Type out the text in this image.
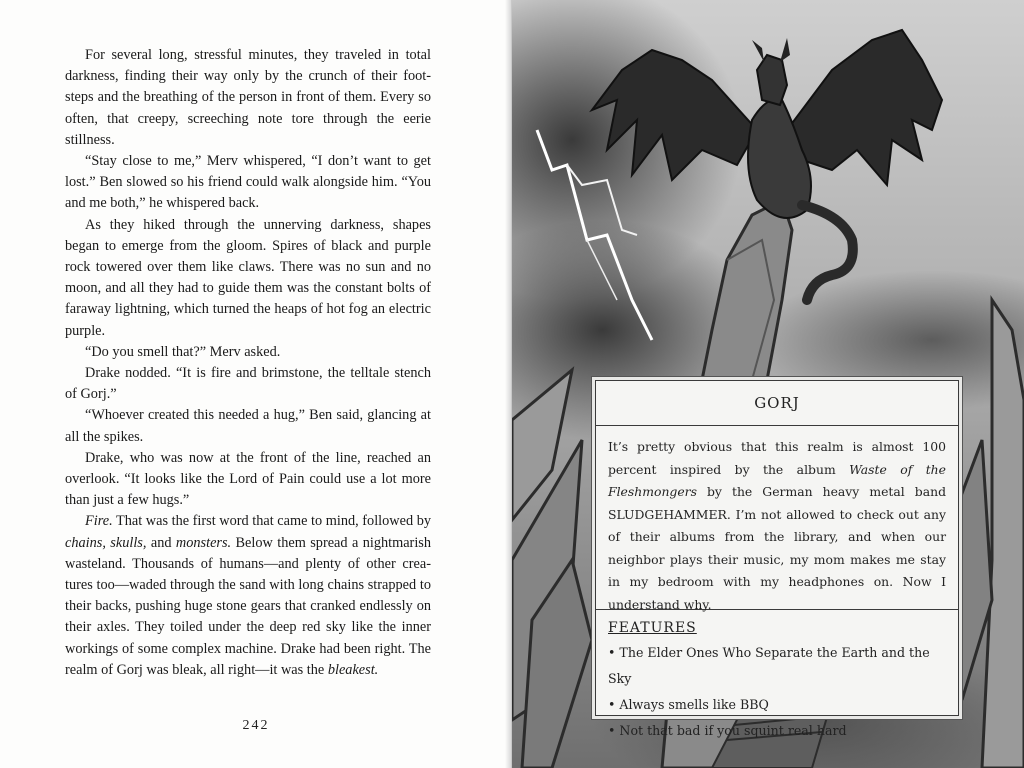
For several long, stressful minutes, they traveled in total darkness, finding their way only by the crunch of their footsteps and the breathing of the person in front of them. Every so often, that creepy, screeching note tore through the eerie stillness.

“Stay close to me,” Merv whispered, “I don’t want to get lost.” Ben slowed so his friend could walk alongside him. “You and me both,” he whispered back.

As they hiked through the unnerving darkness, shapes began to emerge from the gloom. Spires of black and purple rock towered over them like claws. There was no sun and no moon, and all they had to guide them was the constant bolts of faraway lightning, which turned the heaps of hot fog an electric purple.

“Do you smell that?” Merv asked.

Drake nodded. “It is fire and brimstone, the telltale stench of Gorj.”

“Whoever created this needed a hug,” Ben said, glancing at all the spikes.

Drake, who was now at the front of the line, reached an overlook. “It looks like the Lord of Pain could use a lot more than just a few hugs.”

Fire. That was the first word that came to mind, followed by chains, skulls, and monsters. Below them spread a nightmarish wasteland. Thousands of humans—and plenty of other creatures too—waded through the sand with long chains strapped to their backs, pushing huge stone gears that cranked endlessly on their axles. They toiled under the deep red sky like the inner workings of some complex machine. Drake had been right. The realm of Gorj was bleak, all right—it was the bleakest.

242
GORJ
It’s pretty obvious that this realm is almost 100 percent inspired by the album Waste of the Fleshmongers by the German heavy metal band SLUDGEHAMMER. I’m not allowed to check out any of their albums from the library, and when our neighbor plays their music, my mom makes me stay in my bedroom with my headphones on. Now I understand why.
FEATURES
• The Elder Ones Who Separate the Earth and the Sky
• Always smells like BBQ
• Not that bad if you squint real hard
